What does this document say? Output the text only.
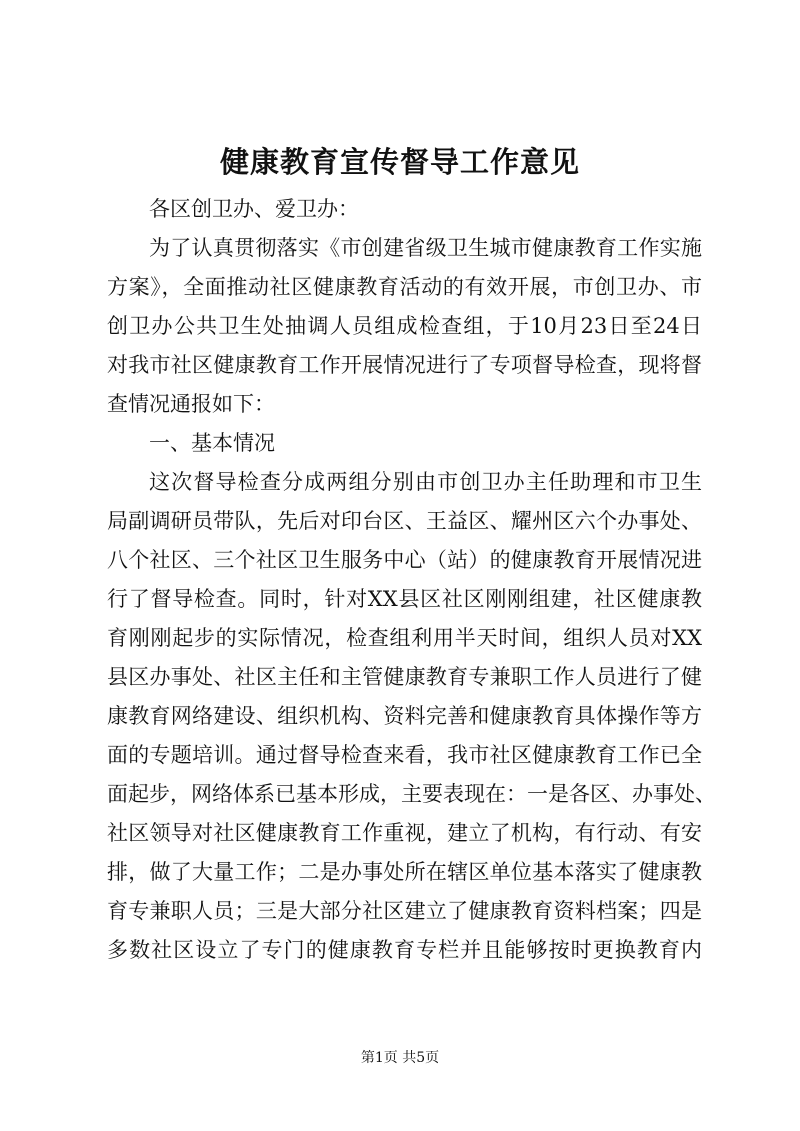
健康教育宣传督导工作意见
各区创卫办、爱卫办：
为了认真贯彻落实《市创建省级卫生城市健康教育工作实施
方案》，全面推动社区健康教育活动的有效开展，市创卫办、市
创卫办公共卫生处抽调人员组成检查组，于10月23日至24日
对我市社区健康教育工作开展情况进行了专项督导检查，现将督
查情况通报如下：
一、基本情况
这次督导检查分成两组分别由市创卫办主任助理和市卫生
局副调研员带队，先后对印台区、王益区、耀州区六个办事处、
八个社区、三个社区卫生服务中心（站）的健康教育开展情况进
行了督导检查。同时，针对XX县区社区刚刚组建，社区健康教
育刚刚起步的实际情况，检查组利用半天时间，组织人员对XX
县区办事处、社区主任和主管健康教育专兼职工作人员进行了健
康教育网络建设、组织机构、资料完善和健康教育具体操作等方
面的专题培训。通过督导检查来看，我市社区健康教育工作已全
面起步，网络体系已基本形成，主要表现在：一是各区、办事处、
社区领导对社区健康教育工作重视，建立了机构，有行动、有安
排，做了大量工作；二是办事处所在辖区单位基本落实了健康教
育专兼职人员；三是大部分社区建立了健康教育资料档案；四是
多数社区设立了专门的健康教育专栏并且能够按时更换教育内
第1页 共5页
